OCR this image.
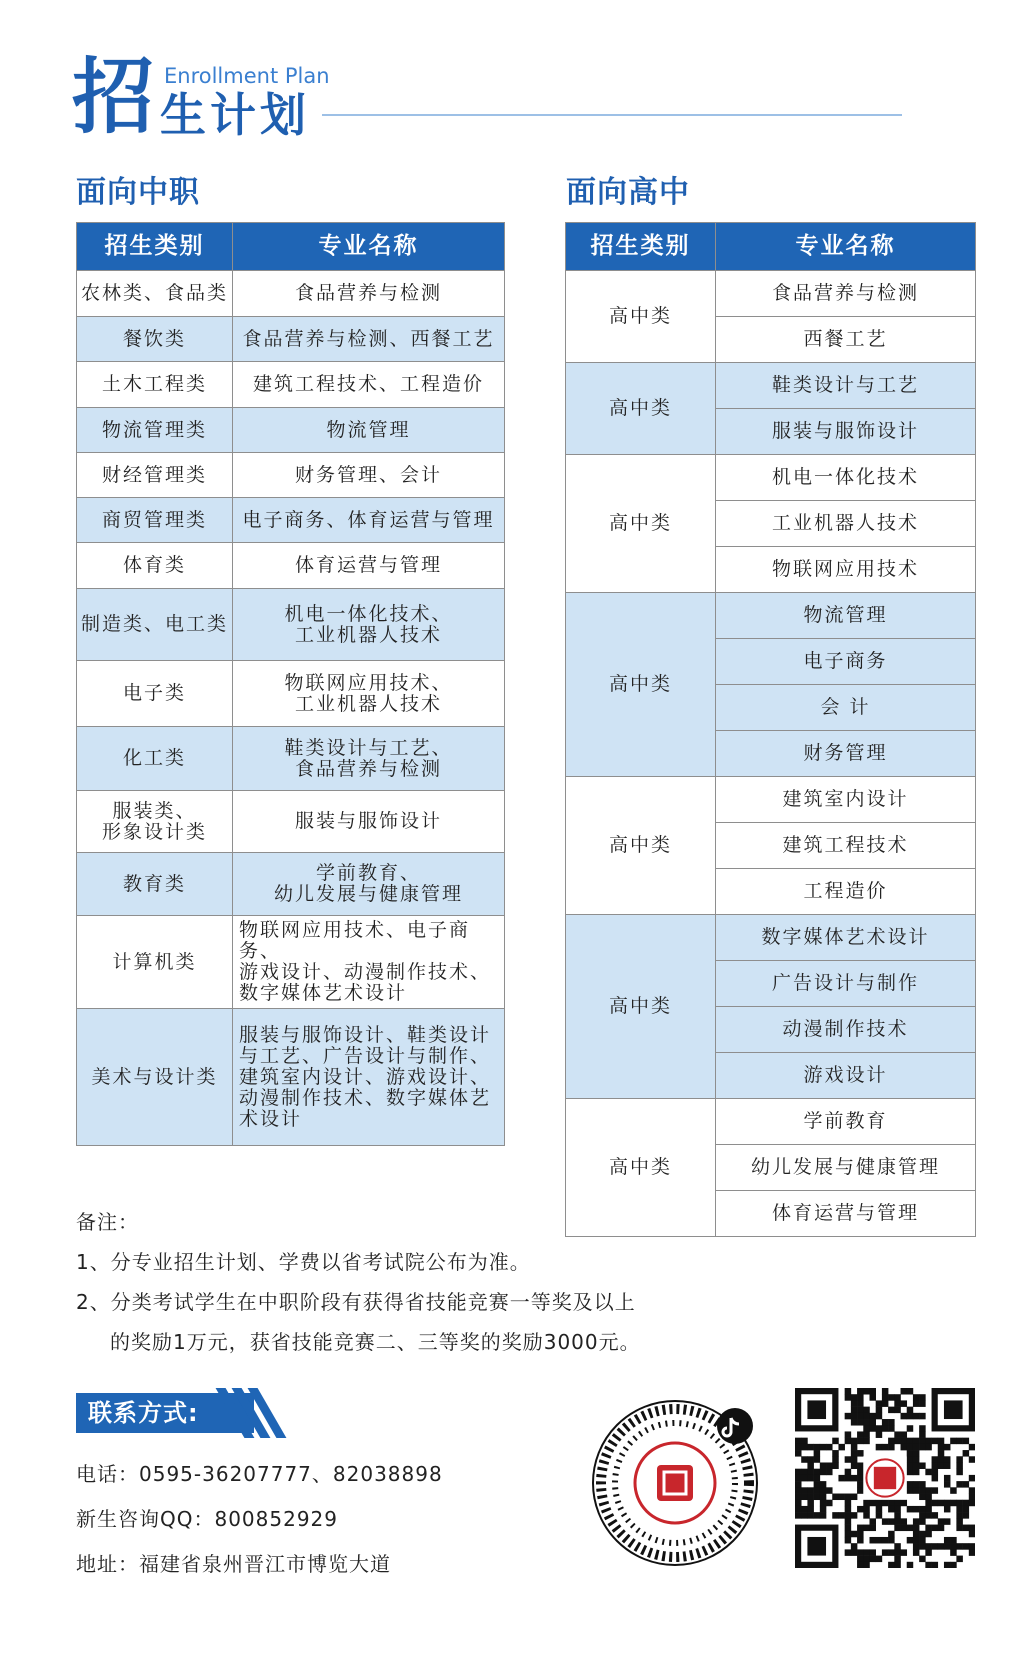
招 Enrollment Plan
生计划
面向中职
招生类别	专业名称
农林类、食品类	食品营养与检测
餐饮类	食品营养与检测、西餐工艺
土木工程类	建筑工程技术、工程造价
物流管理类	物流管理
财经管理类	财务管理、会计
商贸管理类	电子商务、体育运营与管理
体育类	体育运营与管理
制造类、电工类	机电一体化技术、
工业机器人技术
电子类	物联网应用技术、
工业机器人技术
化工类	鞋类设计与工艺、
食品营养与检测
服装类、
形象设计类	服装与服饰设计
教育类	学前教育、
幼儿发展与健康管理
计算机类	物联网应用技术、电子商务、
游戏设计、动漫制作技术、
数字媒体艺术设计
美术与设计类	服装与服饰设计、鞋类设计
与工艺、广告设计与制作、
建筑室内设计、游戏设计、
动漫制作技术、数字媒体艺
术设计
面向高中
招生类别	专业名称
高中类	食品营养与检测
	西餐工艺
高中类	鞋类设计与工艺
	服装与服饰设计
高中类	机电一体化技术
	工业机器人技术
	物联网应用技术
高中类	物流管理
	电子商务
	会 计
	财务管理
高中类	建筑室内设计
	建筑工程技术
	工程造价
高中类	数字媒体艺术设计
	广告设计与制作
	动漫制作技术
	游戏设计
高中类	学前教育
	幼儿发展与健康管理
	体育运营与管理
备注：
1、分专业招生计划、学费以省考试院公布为准。
2、分类考试学生在中职阶段有获得省技能竞赛一等奖及以上
的奖励1万元，获省技能竞赛二、三等奖的奖励3000元。
联系方式:
电话：0595-36207777、82038898
新生咨询QQ：800852929
地址：福建省泉州晋江市博览大道
